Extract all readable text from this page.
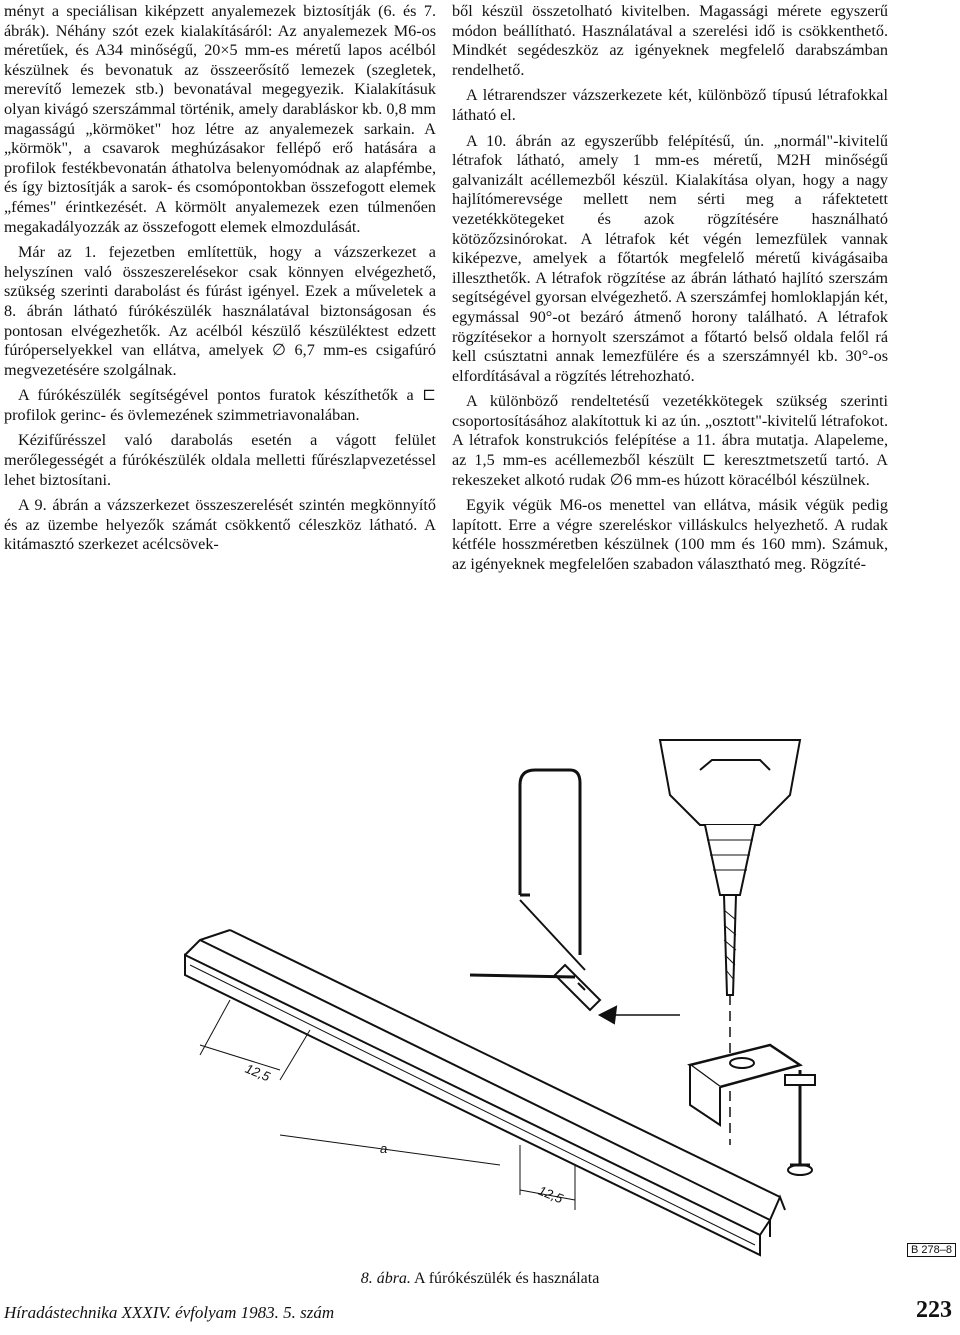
ményt a speciálisan kiképzett anyalemezek biztosítják (6. és 7. ábrák). Néhány szót ezek kialakításáról: Az anyalemezek M6-os méretűek, és A34 minőségű, 20×5 mm-es méretű lapos acélból készülnek és bevonatuk az összeerősítő lemezek (szegletek, merevítő lemezek stb.) bevonatával megegyezik. Kialakításuk olyan kivágó szerszámmal történik, amely darabláskor kb. 0,8 mm magasságú „körmöket" hoz létre az anyalemezek sarkain. A „körmök", a csavarok meghúzásakor fellépő erő hatására a profilok festékbevonatán áthatolva belenyomódnak az alapfémbe, és így biztosítják a sarok- és csomópontokban összefogott elemek „fémes" érintkezését. A körmölt anyalemezek ezen túlmenően megakadályozzák az összefogott elemek elmozdulását.

Már az 1. fejezetben említettük, hogy a vázszerkezet a helyszínen való összeszerelésekor csak könnyen elvégezhető, szükség szerinti darabolást és fúrást igényel. Ezek a műveletek a 8. ábrán látható fúrókészülék használatával biztonságosan és pontosan elvégezhetők. Az acélból készülő készüléktest edzett fúróperselyekkel van ellátva, amelyek ∅ 6,7 mm-es csigafúró megvezetésére szolgálnak.

A fúrókészülék segítségével pontos furatok készíthetők a ⊏ profilok gerinc- és övlemezének szimmetriavonalában.

Kézifűrésszel való darabolás esetén a vágott felület merőlegességét a fúrókészülék oldala melletti fűrészlapvezetéssel lehet biztosítani.

A 9. ábrán a vázszerkezet összeszerelését szintén megkönnyítő és az üzembe helyezők számát csökkentő céleszköz látható. A kitámasztó szerkezet acélcsövek-

ből készül összetolható kivitelben. Magassági mérete egyszerű módon beállítható. Használatával a szerelési idő is csökkenthető. Mindkét segédeszköz az igényeknek megfelelő darabszámban rendelhető.

A létrarendszer vázszerkezete két, különböző típusú létrafokkal látható el.

A 10. ábrán az egyszerűbb felépítésű, ún. „normál"-kivitelű létrafok látható, amely 1 mm-es méretű, M2H minőségű galvanizált acéllemezből készül. Kialakítása olyan, hogy a nagy hajlítómerevsége mellett nem sérti meg a ráfektetett vezetékkötegeket és azok rögzítésére használható kötözőzsinórokat. A létrafok két végén lemezfülek vannak kiképezve, amelyek a főtartók megfelelő méretű kivágásaiba illeszthetők. A létrafok rögzítése az ábrán látható hajlító szerszám segítségével gyorsan elvégezhető. A szerszámfej homloklapján két, egymással 90°-ot bezáró átmenő horony található. A létrafok rögzítésekor a hornyolt szerszámot a főtartó belső oldala felől rá kell csúsztatni annak lemezfülére és a szerszámnyél kb. 30°-os elfordításával a rögzítés létrehozható.

A különböző rendeltetésű vezetékkötegek szükség szerinti csoportosításához alakítottuk ki az ún. „osztott"-kivitelű létrafokot. A létrafok konstrukciós felépítése a 11. ábra mutatja. Alapeleme, az 1,5 mm-es acéllemezből készült ⊏ keresztmetszetű tartó. A rekeszeket alkotó rudak ∅6 mm-es húzott köracélból készülnek.

Egyik végük M6-os menettel van ellátva, másik végük pedig lapított. Erre a végre szereléskor villáskulcs helyezhető. A rudak kétféle hosszméretben készülnek (100 mm és 160 mm). Számuk, az igényeknek megfelelően szabadon választható meg. Rögzíté-

12,5
12,5
a
B 278–8
8. ábra. A fúrókészülék és használata
Híradástechnika XXXIV. évfolyam 1983. 5. szám	223
